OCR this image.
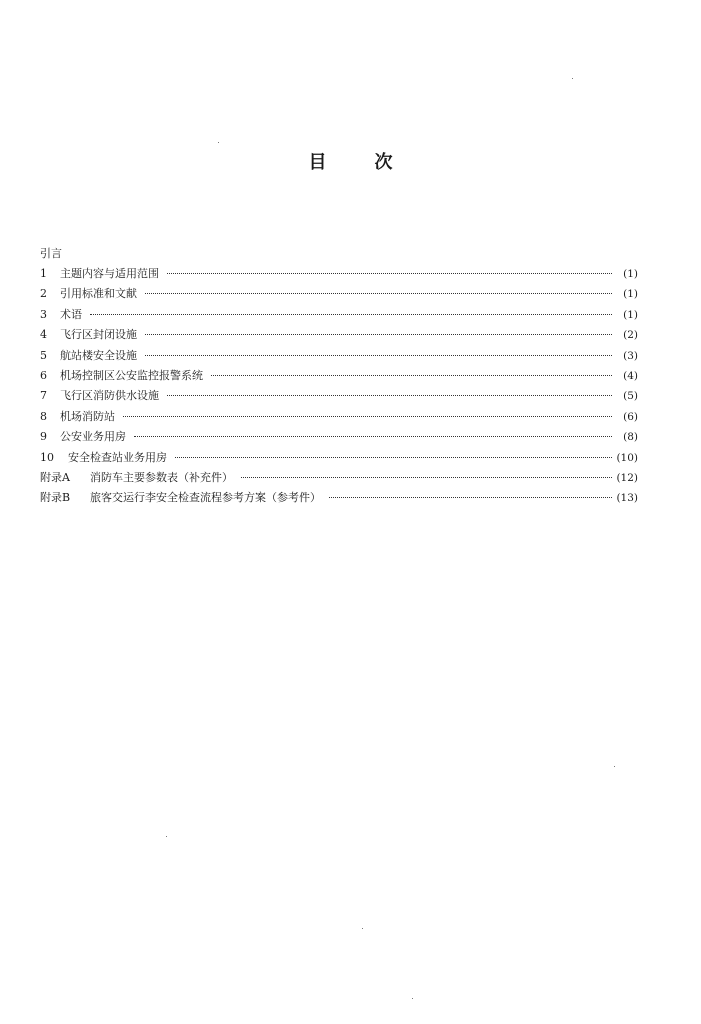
目	次
引言
1	主题内容与适用范围	(1)
2	引用标准和文献	(1)
3	术语	(1)
4	飞行区封闭设施	(2)
5	航站楼安全设施	(3)
6	机场控制区公安监控报警系统	(4)
7	飞行区消防供水设施	(5)
8	机场消防站	(6)
9	公安业务用房	(8)
10	安全检查站业务用房	(10)
附录A	消防车主要参数表（补充件）	(12)
附录B	旅客交运行李安全检查流程参考方案（参考件）	(13)
